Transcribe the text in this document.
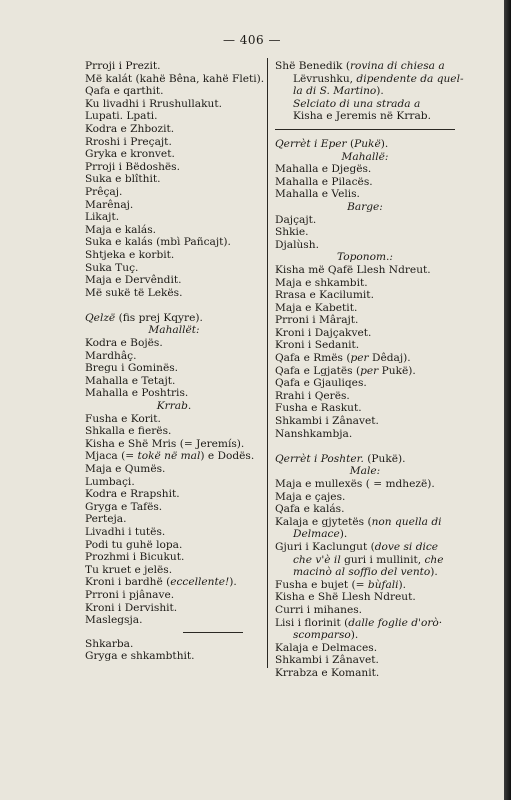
— 406 —
Prroji i Prezit.
Më kalát (kahë Bêna, kahë Fleti).
Qafa e qarthit.
Ku livadhi i Rrushullakut.
Lupati. Lpati.
Kodra e Zhbozit.
Rroshi i Preçajt.
Gryka e kronvet.
Prroji i Bëdoshës.
Suka e blîthit.
Prêçaj.
Marênaj.
Likajt.
Maja e kalás.
Suka e kalás (mbì Pañcajt).
Shtjeka e korbit.
Suka Tuç.
Maja e Dervêndit.
Më sukë të Lekës.
Qelzë (fis prej Kqyre).
Mahallët:
Kodra e Bojës.
Mardhâç.
Bregu i Gominës.
Mahalla e Tetajt.
Mahalla e Poshtris.
Krrab.
Fusha e Korit.
Shkalla e fierës.
Kisha e Shë Mris (= Jeremís).
Mjaca (= tokë në mal) e Dodës.
Maja e Qumës.
Lumbaçi.
Kodra e Rrapshit.
Gryga e Tafës.
Perteja.
Livadhi i tutës.
Podi tu guhë lopa.
Prozhmi i Bicukut.
Tu kruet e jelës.
Kroni i bardhë (eccellente!).
Prroni i pjânave.
Kroni i Dervishit.
Maslegsja.
Shkarba.
Gryga e shkambthit.
Shë Benedik (rovina di chiesa a
Lëvrushku, dipendente da quel-
la di S. Martino).
Selciato di una strada a
Kisha e Jeremis në Krrab.
Qerrèt i Eper (Pukë).
Mahallë:
Mahalla e Djegës.
Mahalla e Pilacës.
Mahalla e Velis.
Barge:
Dajçajt.
Shkie.
Djalùsh.
Toponom.:
Kisha më Qafë Llesh Ndreut.
Maja e shkambit.
Rrasa e Kacilumit.
Maja e Kabetit.
Prroni i Mârajt.
Kroni i Dajçakvet.
Kroni i Sedanit.
Qafa e Rmës (per Dêdaj).
Qafa e Lgjatës (per Pukë).
Qafa e Gjauliqes.
Rrahi i Qerës.
Fusha e Raskut.
Shkambi i Zânavet.
Nanshkambja.
Qerrèt i Poshter. (Pukë).
Male:
Maja e mullexës ( = mdhezë).
Maja e çajes.
Qafa e kalás.
Kalaja e gjytetës (non quella di
Delmace).
Gjuri i Kaclungut (dove si dice
che v'è il guri i mullinit, che
macinò al soffio del vento).
Fusha e bujet (= bùfali).
Kisha e Shë Llesh Ndreut.
Curri i mihanes.
Lisi i florinit (dalle foglie d'orò·
scomparso).
Kalaja e Delmaces.
Shkambi i Zânavet.
Krrabza e Komanit.
